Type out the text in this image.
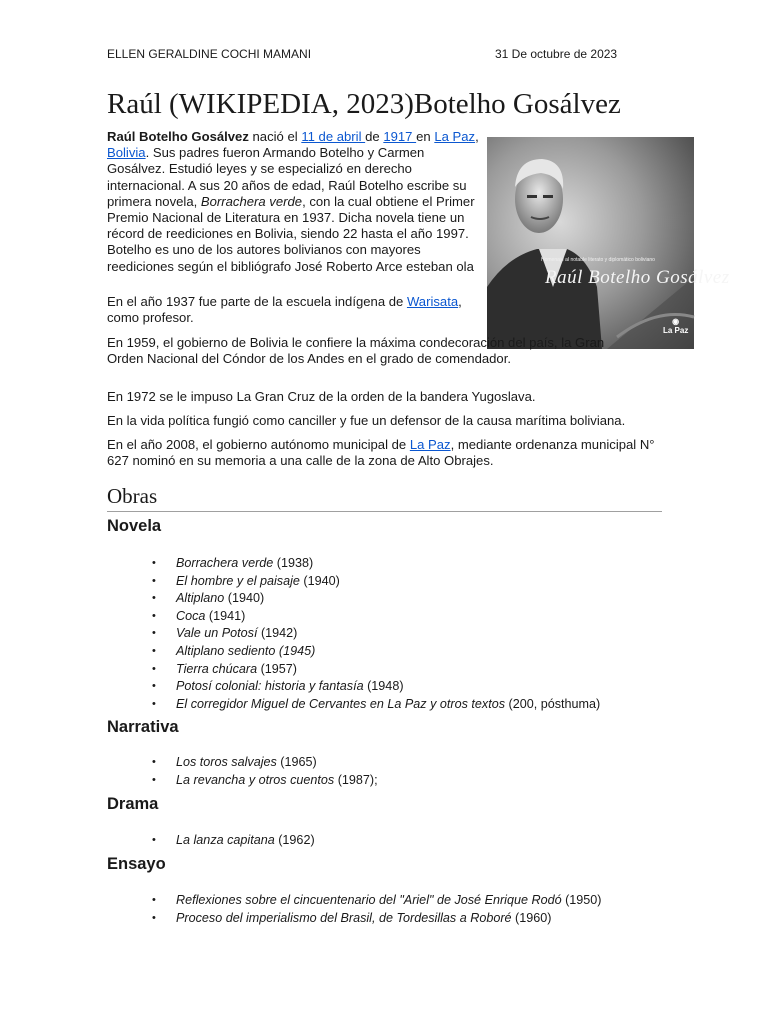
ELLEN GERALDINE COCHI MAMANI	31 De octubre de 2023
Raúl (WIKIPEDIA, 2023)Botelho Gosálvez

Raúl Botelho Gosálvez nació el 11 de abril de 1917 en La Paz, Bolivia. Sus padres fueron Armando Botelho y Carmen Gosálvez. Estudió leyes y se especializó en derecho internacional. A sus 20 años de edad, Raúl Botelho escribe su primera novela, Borrachera verde, con la cual obtiene el Primer Premio Nacional de Literatura en 1937. Dicha novela tiene un récord de reediciones en Bolivia, siendo 22 hasta el año 1997. Botelho es uno de los autores bolivianos con mayores reediciones según el bibliógrafo José Roberto Arce esteban ola	Homenaje al notable literato y diplomático boliviano
Raúl Botelho Gosálvez
◉
La Paz

En el año 1937 fue parte de la escuela indígena de Warisata, como profesor.

En 1959, el gobierno de Bolivia le confiere la máxima condecoración del país, la Gran Orden Nacional del Cóndor de los Andes en el grado de comendador.

En 1972 se le impuso La Gran Cruz de la orden de la bandera Yugoslava.

En la vida política fungió como canciller y fue un defensor de la causa marítima boliviana.

En el año 2008, el gobierno autónomo municipal de La Paz, mediante ordenanza municipal N° 627 nominó en su memoria a una calle de la zona de Alto Obrajes.

Obras
Novela
• Borrachera verde (1938)
• El hombre y el paisaje (1940)
• Altiplano (1940)
• Coca (1941)
• Vale un Potosí (1942)
• Altiplano sediento (1945)
• Tierra chúcara (1957)
• Potosí colonial: historia y fantasía (1948)
• El corregidor Miguel de Cervantes en La Paz y otros textos (200, pósthuma)
Narrativa
• Los toros salvajes (1965)
• La revancha y otros cuentos (1987);
Drama
• La lanza capitana (1962)
Ensayo
• Reflexiones sobre el cincuentenario del "Ariel" de José Enrique Rodó (1950)
• Proceso del imperialismo del Brasil, de Tordesillas a Roboré (1960)
